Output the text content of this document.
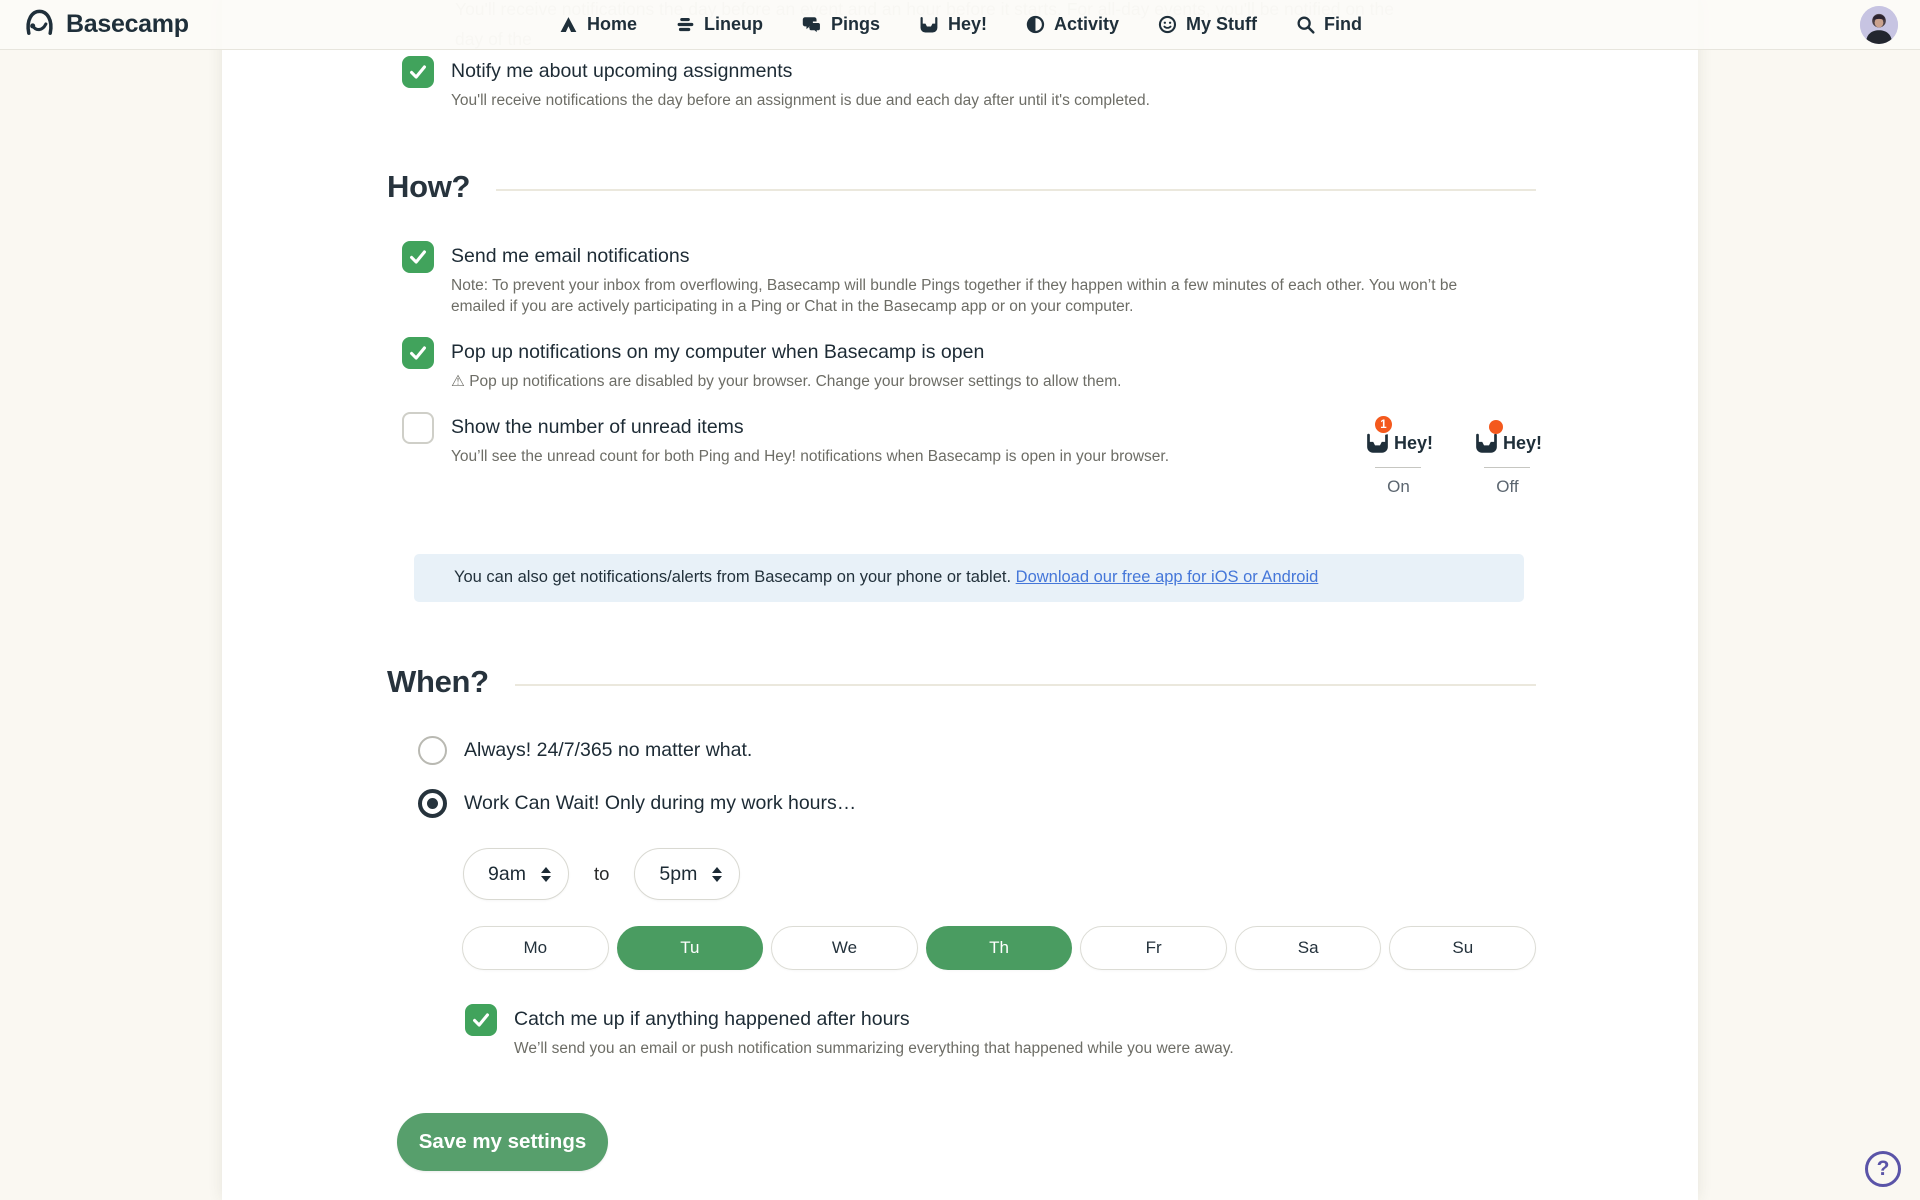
Notify me about upcoming assignments
You'll receive notifications the day before an assignment is due and each day after until it's completed.
How?
Send me email notifications
Note: To prevent your inbox from overflowing, Basecamp will bundle Pings together if they happen within a few minutes of each other. You won’t be emailed if you are actively participating in a Ping or Chat in the Basecamp app or on your computer.
Pop up notifications on my computer when Basecamp is open
⚠ Pop up notifications are disabled by your browser. Change your browser settings to allow them.
Show the number of unread items
You’ll see the unread count for both Ping and Hey! notifications when Basecamp is open in your browser.
1
Hey!
On
Hey!
Off
You can also get notifications/alerts from Basecamp on your phone or tablet. Download our free app for iOS or Android
When?
Always! 24/7/365 no matter what.
Work Can Wait! Only during my work hours…
9am	to	5pm
Mo	Tu	We	Th	Fr	Sa	Su
Catch me up if anything happened after hours
We’ll send you an email or push notification summarizing everything that happened while you were away.
Save my settings
Basecamp	Home	Lineup	Pings	Hey!	Activity	My Stuff	Find
?
